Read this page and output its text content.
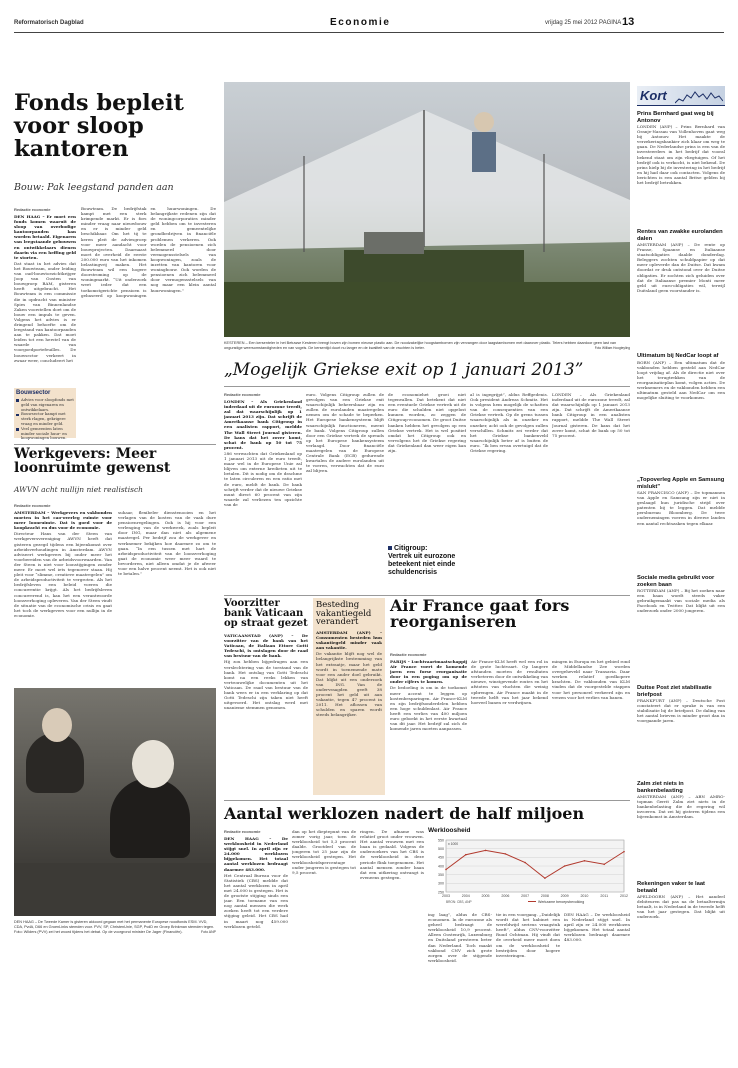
Reformatorisch Dagblad	Economie	vrijdag 25 mei 2012 PAGINA 13
Fonds bepleit voor sloop kantoren
Bouw: Pak leegstand panden aan
Redactie economie

DEN HAAG – Er moet een fonds komen waaruit de sloop van overbodige kantoorpanden kan worden betaald. Eigenaren van leegstaande gebouwen en ontwikkelaars dienen daarin via een heffing geld te storten.

Dat staat in het advies dat het Bouwteam, onder leiding van oud-bouwtoezichtkrijger Joop van Oosten van bouwgroep BAM, gisteren heeft uitgebracht. Het Bouwteam is een commissie die in opdracht van minister Spies van Binnenlandse Zaken voorstellen doet om de bouw een impuls te geven. Volgens het advies is er dringend behoefte om de leegstand van kantoorpanden aan te pakken. Dat moet leiden tot een herstel van de waarde van voorgoedportefeuilles. De bouwsector verkeert in zwaar weer, concludeert het

Bouwteam. De bedrijfstak kampt met een sterk krimpende markt. Er is fors minder vraag naar nieuwbouw en er is minder geld beschikbaar. Om het tij te keren pleit de adviesgroep voor meer aandacht voor bouwprojecten. Daarnaast moet de overheid de eerste 200.000 euro van het inkomen belastingvrij maken. Het Bouwteam wil een hogere doorstroming op de woningmarkt. “Uit onderzoek weet ieder dat een toekomstgerichte pensioen is gebaseerd op koopwoningen en huurwoningen. De belangrijkste redenen zijn dat de woningcorporaties minder geld hebben om te investeren en gemeentelijke grondbedrijven in financiële problemen verkeren. Ook worden de pensioenen zich belemmerd door vermogensstelsels van koopwoningen, zoals de inzetten van kantoren voor woningbouw. Ook worden de pensioenen zich belemmerd door vermogensstelsels van nog maar een klein aantal huurwoningen.”
Bouwsector
Advies voor sloopfonds met geld van eigenaren en ontwikkelaars.
Bouwsector kampt met sterk rlagen, gekrigere vraag en minder geld.
Veel gemeenten laten minder sociale huur- en koopwoningen bouwen.
Werkgevers: Meer loonruimte gewenst
AWVN acht nullijn niet realistisch
Redactie economie

AMSTERDAM – Werkgevers en vakbonden moeten in het cao-overleg ruimte voor meer loonruimte. Dat is goed voor de koopkracht en dus voor de economie.

Directeur Hans van der Steen van werkgeversvereniging AWVN heeft dat gisteren gezegd tijdens een bijeenkomst over arbeidsverhoudingen in Amsterdam. AWVN adviseert werkgevers bij onder meer het voorbereiden van de arbeidsvoorwaarden. Van der Steen is niet voor loonstijgingen zonder meer. Er moet wel iets tegenover staan. Hij pleit voor “slimme, creatieve maatregelen” om de arbeidsproductiviteit te vergroten. Als het bedrijfsleven een beleid voeren die concurrentie krijgt. Als het bedrijfsleven concurrerend is, kan het een verantwoorde loonsverhoging opleveren. Van der Steen vindt de situatie van de economische crisis en gaat het toch de werkgevers voor een nullijn in de economie.

suhaar, flexibeler dienstenooien en het verlagen van de kosten van de vaak dure pensioenregelingen. Ook is hij voor een verlenging van de werkweek, zoals bepleit door ING, maar dan niet als algemene maatregel. Per bedrijf zou de werkgever en werknemer bekijken hoe daarmee zo om te gaan. “In een tussen met hart de arbeidsproductiviteit van de loonsverhoging gaat de economie weer meer waard te bevorderen, niet alleen omdat je de afweer voor een halve procent neemt. Het is ook niet te betalen.”
DEN HAAG – De Tweede Kamer is gisteren akkoord gegaan met het permanente Europese noodfonds ESM. VVD, CDA, PvdA, D66 en GroenLinks stemden voor. PVV, SP, ChristenUnie, SGP, PvdD en Groep Brinkman stemden tegen. Foto: Wilders (PVV) zei het woord tijdens het debat. Op de voorgrond minister De Jager (Financiën).	Foto ANP
KESTEREN – Een kersenteler in het Betuwse Kesteren brengt boven zijn bomen nieuwe plastic aan. De noodzakelijke hoogstambomen zijn vervangen door laagstambomen met daarover plastic. Telers hebben daardoor geen last van ongunstige weersomstandigheden en van vogels. De kersentijd duurt nu langer en de kwaliteit van de vruchten is beter.	Foto William Hoogteyling
„Mogelijk Griekse exit op 1 januari 2013”
Redactie economie

LONDEN – Als Griekenland inderdaad uit de eurozone treedt, zal dat waarschijnlijk op 1 januari 2013 zijn. Dat schrijft de Amerikaanse bank Citigroup in een analisten rapport, meldde The Wall Street Journal gisteren. De kans dat het zover komt, schat de bank op 50 tot 75 procent.

286 verwachten dat Griekenland op 1 januari 2013 uit de euro treedt, maar wel in de Europese Unie zal blijven om externe kredieten uit te betalen. Dit is nodig om de drachme te laten circuleren en een ratio met de euro, meldt de bank. De bank schrijft verder dat de nieuwe Griekse munt direct 60 procent van zijn waarde zal verliezen ten opzichte van de

euro. Volgens Citigroup zullen de gevolgen van een Griekse exit waarschijnlijk beheersbaar zijn en zullen de eurolanden maatregelen nemen om de schade te beperken. Het Europese bankensysteem blijft waarschijnlijk functioneren, meent de bank. Volgens Citigroup zullen door een Griekse vertrek de spreads op het Europese bankensysteem verlaagd. Door financiële maatregelen van de Europese Centrale Bank (ECB) gedurende kwartalen de andere eurolanden uit te voeren, verwachten dat de euro zal blijven.
de economiehet groei niet tegenvallen. Dat betekent dat niet een eventuele Griekse vertrek uit de euro die schulden niet opgelost kunnen worden, zo zeggen de Citigroup-economen. De groot Duitse banken hebben het gevolgen op een Griekse vertrek. Het is wel positief omdat het Citigroup ook en vervolgens het de Griekse regering dat Griekenland dan weer eigen kan zijn.
Citigroup:
Vertrek uit eurozone beteekent niet einde schuldencrisis
al is ingegrijpt”, aldus Reffgedenis. Ook president Andreas Schmitz. Het is volgens hem mogelijk de schatten van de consequenties van een Griekse vertrek. Op de grens tussen waarschijnlijk als in onzeker en onzeker, acht ook de gevolgen zullen verschillen. Schmitz zei verder dat het Griekse bankenveld waarschijnlijk beter af is buiten de euro. “Ik ben ervan overtuigd dat de Griekse regering.
LONDEN – Als Griekenland inderdaad uit de eurozone treedt, zal dat waarschijnlijk op 1 januari 2013 zijn. Dat schrijft de Amerikaanse bank Citigroup in een analisten rapport, meldde The Wall Street Journal gisteren. De kans dat het zover komt, schat de bank op 50 tot 75 procent.
Voorzitter bank Vaticaan op straat gezet

VATICAANSTAD (ANP) – De voorzitter van de bank van het Vaticaan, de Italiaan Ettore Gotti Tedeschi, is ontslagen door de raad van bestuur van de bank.

Hij zou hebben bijgedragen aan een verslechtering van de toestand van de bank. Het ontslag van Gotti Tedeschi komt na een reeks lekken van vertrouwelijke documenten uit het Vaticaan. De raad van bestuur van de bank wees er in een verklaring op dat Gotti Tedeschi zijn taken niet heeft uitgevoerd. Het ontslag werd met unanieme stemmen genomen.

Besteding vakantiegeld verandert

AMSTERDAM (ANP) – Consumenten besteden hun vakantiegeld minder vaak aan vakantie.

De vakantie blijft nog wel de belangrijkste bestemming van het extraatje, maar het geld wordt in toenemende mate voor een ander doel gebruikt. Dat blijkt uit een onderzoek van ING. Van de ondervraagden geeft 38 procent het geld uit aan vakantie, tegen 47 procent in 2011. Het aflossen van schulden en sparen wordt steeds belangrijker.

Air France gaat fors reorganiseren
Redactie economie

PARIJS – Luchtvaartmaatschappij Air France voert de komende jaren een forse reorganisatie door in een poging om op de onder cijfers te komen.

De bedoeling is om in de toekomst meer accent te leggen op kostenbesparingen. Air France-KLM en zijn bedrijfsonderdelen hebben een hoge schuldenlast. Air France heeft een verlies van 400 miljoen euro geboekt in het eerste kwartaal van dit jaar. Het bedrijf zal zich de komende jaren moeten aanpassen.

Air France-KLM heeft wel een rol in de grote luchtvaart. Op langere afstanden moeten de resultaten verbeteren door de ontwikkeling van nieuwe, winstgevende routes en het afstoten van vluchten die weinig opbrengen. Air France maakt in de tweede helft van het jaar bekend hoeveel banen er verdwijnen.
mingen in Europa en het gebied rond de Middellandse Zee worden overgeheveld naar Transavia. Daar werken relatief goedkopere krachten. De vakbonden van KLM vinden dat de voorgestelde stappen voor het personeel verkeerd zijn en vrezen voor het verlies van banen.
Aantal werklozen nadert de half miljoen
Redactie economie

DEN HAAG – De werkloosheid in Nederland stijgt snel. In april zijn er 24.000 werklozen bijgekomen. Het totaal aantal werklozen bedraagt daarmee 483.000.

Het Centraal Bureau voor de Statistiek (CBS) meldde dat het aantal werklozen in april met 24.000 is gestegen. Het is de grootste stijging sinds een jaar. Een toename van een nog aantal mensen die werk zoeken heeft tot een verdere stijging geleid. Het CBS had in maart nog 459.000 werklozen geteld.

dan op het dieptepunt van de zomer vorig jaar, toen de werkloosheid tot 5,3 procent daalde. Grootdeel van de jongeren tot 25 jaar zijn de werkloosheid gestegen. Het werkloosheidspercentage onder jongeren is gestegen tot 9,5 procent.
ringen. De afname was relatief groot onder vrouwen. Het aantal vrouwen met een baan is gedaald. Volgens de onderzoekers van het CBS is de werkloosheid in deze periode flink toegenomen. Het aantal mensen zonder baan dat een uitkering ontvangt is eveneens gestegen.
ing laag”, aldus de CBS-economen. In de eurozone als geheel bedraagt de werkloosheid 10,9 procent. Alleen Oostenrijk, Luxemburg en Duitsland presteren beter dan Nederland. Toch maakt vakbond CNV zich grote zorgen over de stijgende werkloosheid.
tie in een voorgang. „Duidelijk wordt dat het kabinet een wereldwijd serieus vraagstuk heeft”, aldus CNV-voorzitter Ruud Ochtman. Hij vindt dat de overheid meer moet doen om de werkloosheid te bestrijden door hogere investeringen.
DEN HAAG – De werkloosheid in Nederland stijgt snel. In april zijn er 24.000 werklozen bijgekomen. Het totaal aantal werklozen bedraagt daarmee 483.000.
Werkloosheid
250
300
350
400
450
500
550
2003	2004	2005	2006	2007	2008	2009	2010	2011	2012
x 1000
Werkzame beroepsbevolking
BRON: CBS, ANP
Kort
Prins Bernhard gaat weg bij Antonov
LONDEN (ANP) – Prins Bernhard van Oranje-Nassau van Vollenhoven gaat weg bij Antonov. Het maakte de verzekeringsbankier zich klaar om weg te gaan. De Nederlandse prins is een van de investeerders in het bedrijf dat vooral bekend staat om zijn vliegtuigen. Of het bedrijf ook is verkocht, is niet bekend. De prins hielp bij de investering in het bedrijf en hij had daar ook contacten. Volgens de berichten is een aantal Britse gelden bij het bedrijf betrokken.
Rentes van zwakke eurolanden dalen
AMSTERDAM (ANP) – De rente op Franse, Spaanse en Italiaanse staatsobligaties daalde donderdag. Beleggers zochten schuldpapier op dat meer opleverde dan de Duitse. Dat kwam doordat er druk ontstond over de Duitse obligaties. Er zochten zich geluiden over dat de Italiaanse premier Monti meer geld uit euro-obligaties wil, terwijl Duitsland geen voorstander is.
Ultimatum bij NedCar loopt af
BORN (ANP) – Een ultimatum dat de vakbonden hebben gesteld aan NedCar loopt vrijdag af. Als de directie niet over het terugtrekken van de reorganisatieplan komt, volgen acties. De werknemers en de vakbonden hebben een ultimatum gesteld aan NedCar om een mogelijke sluiting te voorkomen.
„Topoverleg Apple en Samsung mislukt”
SAN FRANCISCO (ANP) – De topmannen van Apple en Samsung zijn er niet in geslaagd hun juridische strijd over patenten bij te leggen. Dat meldde persbureau Bloomberg. De twee ondernemingen voeren in diverse landen een aantal rechtszaken tegen elkaar.
Sociale media gebruikt voor zoeken baan
ROTTERDAM (ANP) – Bij het zoeken naar een baan wordt steeds vaker gebruikgemaakt van sociale media als Facebook en Twitter. Dat blijkt uit een onderzoek onder 2000 jongeren.
Duitse Post ziet stabilisatie briefpost
FRANKFURT (ANP) – Deutsche Post constateert dat er sprake is van een stabilisatie bij de briefpost. De daling van het aantal brieven is minder groot dan in voorgaande jaren.
Zalm ziet niets in bankenbelasting
AMSTERDAM (ANP) – ABN AMRO-topman Gerrit Zalm ziet niets in de bankenbelasting die de regering wil invoeren. Dat zei hij gisteren tijdens een bijeenkomst in Amsterdam.
Rekeningen vaker te laat betaald
APELDOORN (ANP) – Het aandeel debiteuren dat pas na de betaaltermijn betaalt, is in Nederland in de tweede helft van het jaar gestegen. Dat blijkt uit onderzoek.
